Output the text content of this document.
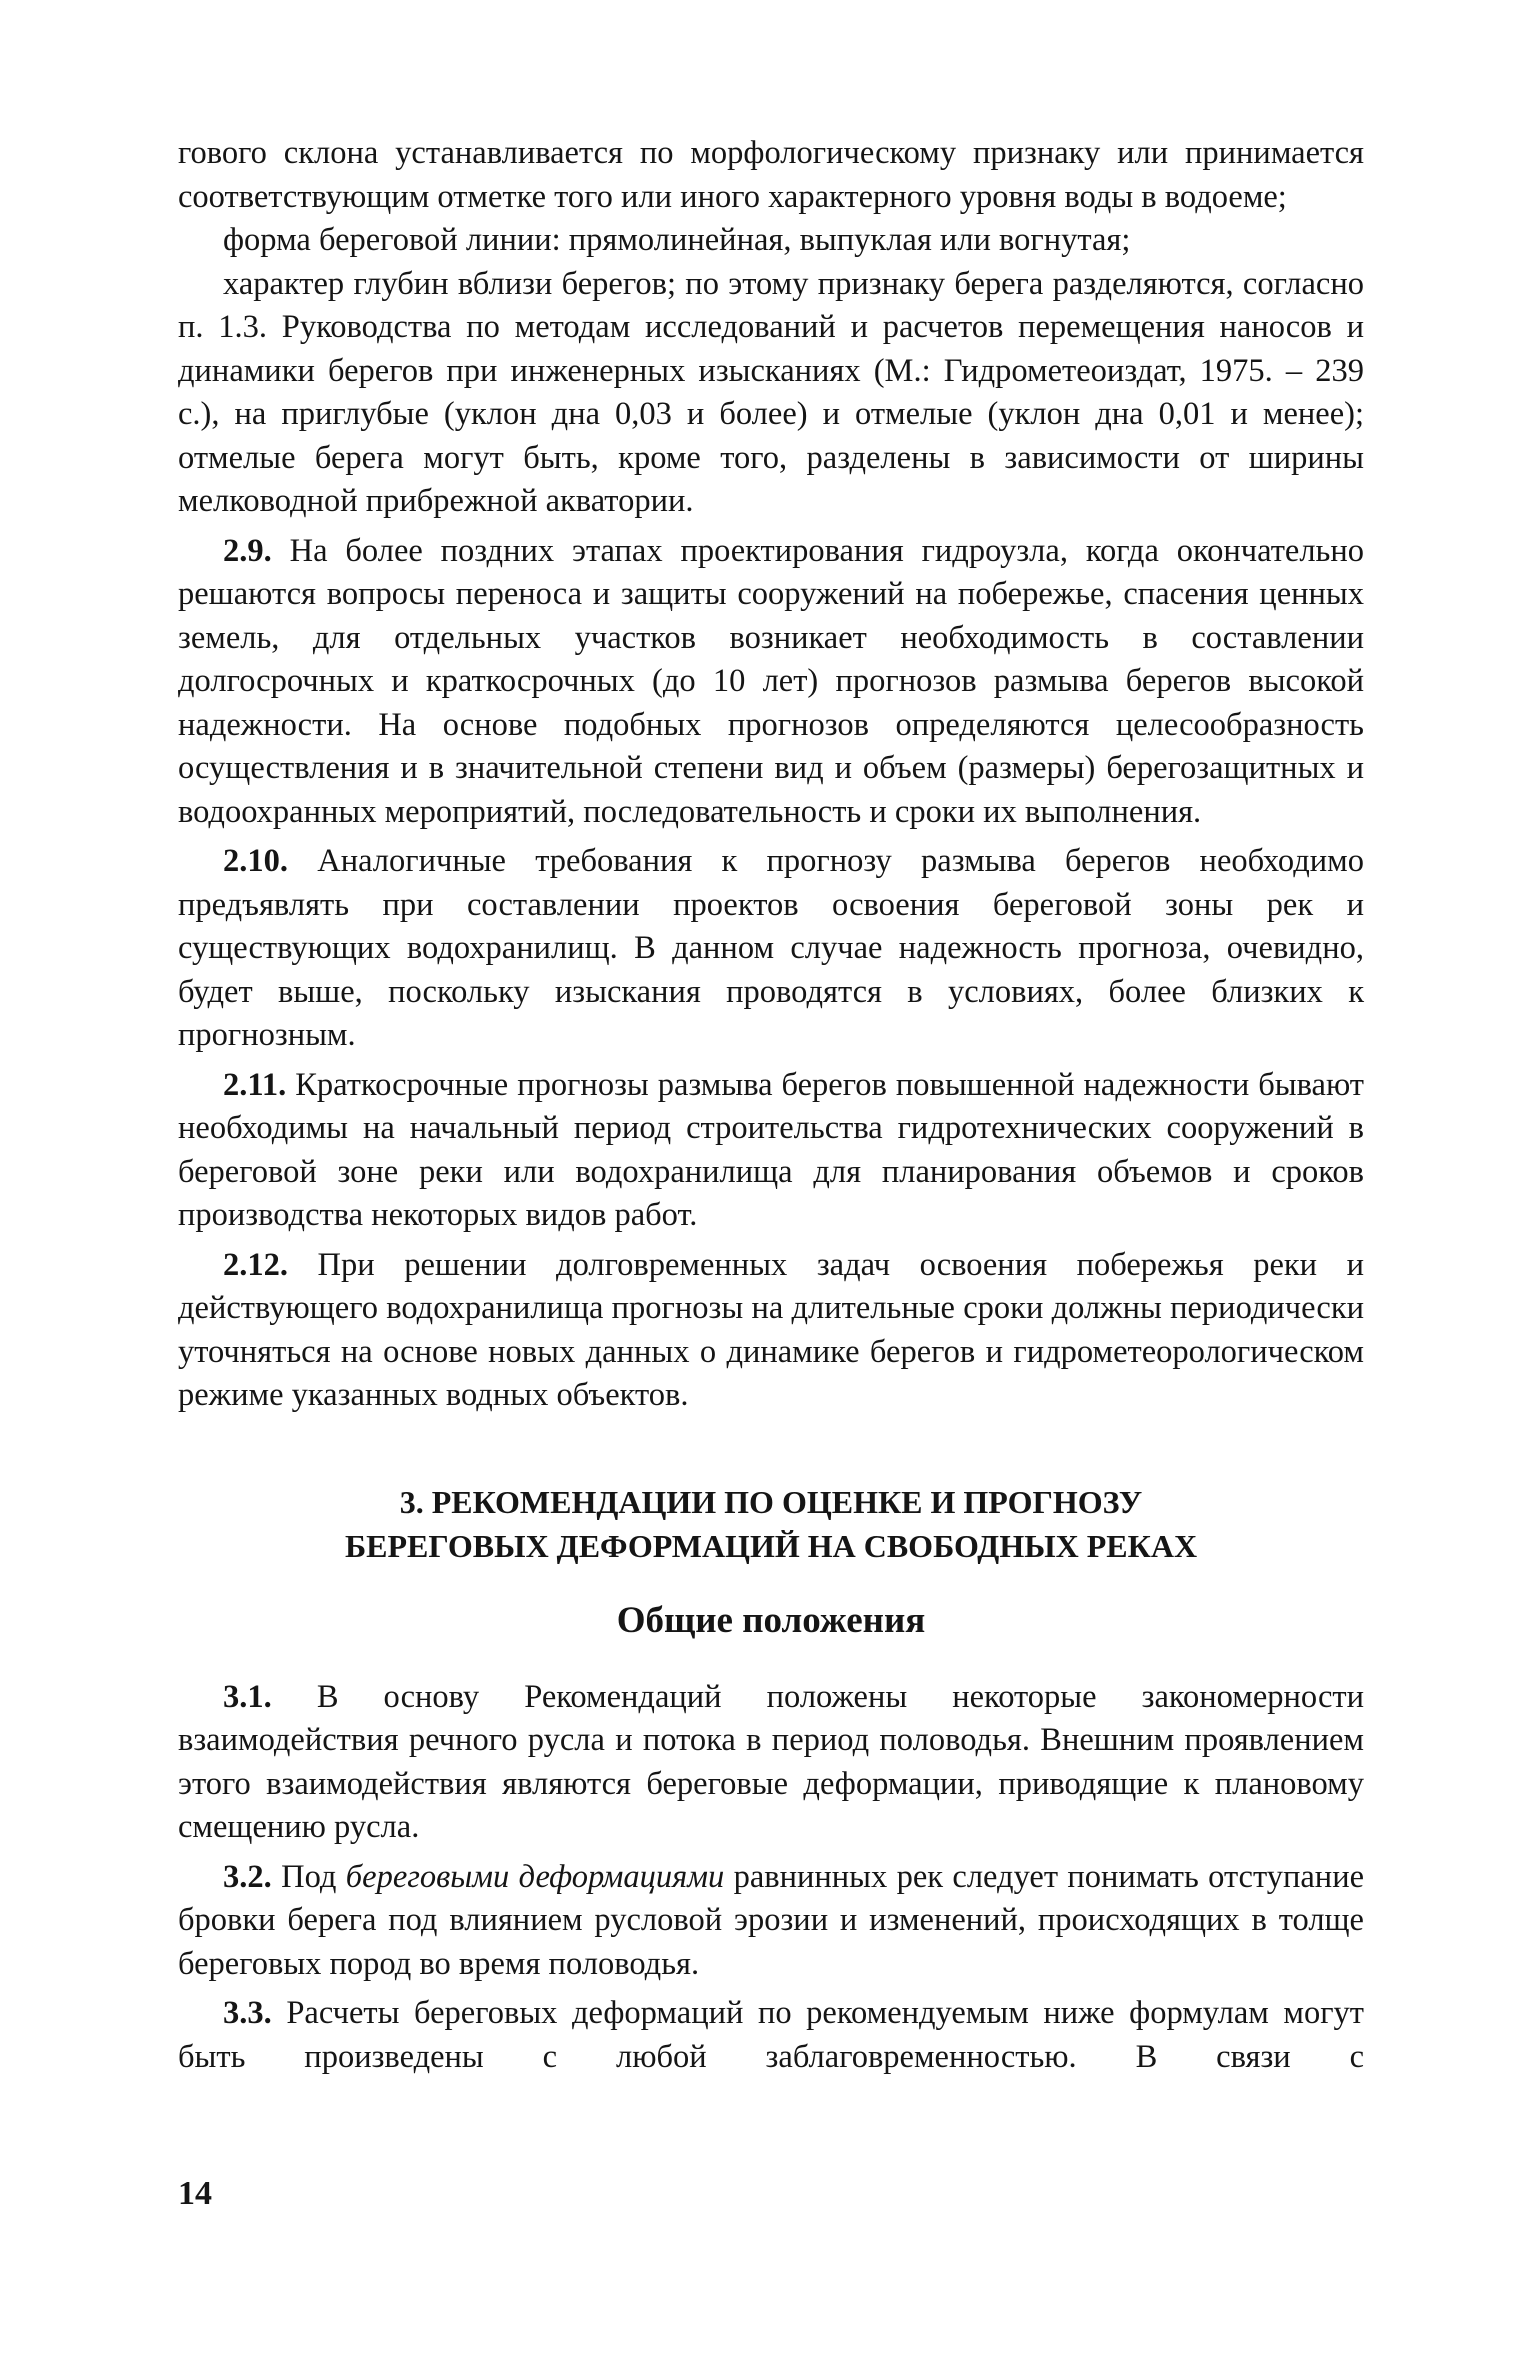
гового склона устанавливается по морфологическому признаку или принимается соответствующим отметке того или иного характерного уровня воды в водоеме;

форма береговой линии: прямолинейная, выпуклая или вогнутая;

характер глубин вблизи берегов; по этому признаку берега разделяются, согласно п. 1.3. Руководства по методам исследований и расчетов перемещения наносов и динамики берегов при инженерных изысканиях (М.: Гидрометеоиздат, 1975. – 239 с.), на приглубые (уклон дна 0,03 и более) и отмелые (уклон дна 0,01 и менее); отмелые берега могут быть, кроме того, разделены в зависимости от ширины мелководной прибрежной акватории.

2.9. На более поздних этапах проектирования гидроузла, когда окончательно решаются вопросы переноса и защиты сооружений на побережье, спасения ценных земель, для отдельных участков возникает необходимость в составлении долгосрочных и краткосрочных (до 10 лет) прогнозов размыва берегов высокой надежности. На основе подобных прогнозов определяются целесообразность осуществления и в значительной степени вид и объем (размеры) берегозащитных и водоохранных мероприятий, последовательность и сроки их выполнения.

2.10. Аналогичные требования к прогнозу размыва берегов необходимо предъявлять при составлении проектов освоения береговой зоны рек и существующих водохранилищ. В данном случае надежность прогноза, очевидно, будет выше, поскольку изыскания проводятся в условиях, более близких к прогнозным.

2.11. Краткосрочные прогнозы размыва берегов повышенной надежности бывают необходимы на начальный период строительства гидротехнических сооружений в береговой зоне реки или водохранилища для планирования объемов и сроков производства некоторых видов работ.

2.12. При решении долговременных задач освоения побережья реки и действующего водохранилища прогнозы на длительные сроки должны периодически уточняться на основе новых данных о динамике берегов и гидрометеорологическом режиме указанных водных объектов.

3. РЕКОМЕНДАЦИИ ПО ОЦЕНКЕ И ПРОГНОЗУ

БЕРЕГОВЫХ ДЕФОРМАЦИЙ НА СВОБОДНЫХ РЕКАХ

Общие положения

3.1. В основу Рекомендаций положены некоторые закономерности взаимодействия речного русла и потока в период половодья. Внешним проявлением этого взаимодействия являются береговые деформации, приводящие к плановому смещению русла.

3.2. Под береговыми деформациями равнинных рек следует понимать отступание бровки берега под влиянием русловой эрозии и изменений, происходящих в толще береговых пород во время половодья.

3.3. Расчеты береговых деформаций по рекомендуемым ниже формулам могут быть произведены с любой заблаговременностью. В связи с

14
